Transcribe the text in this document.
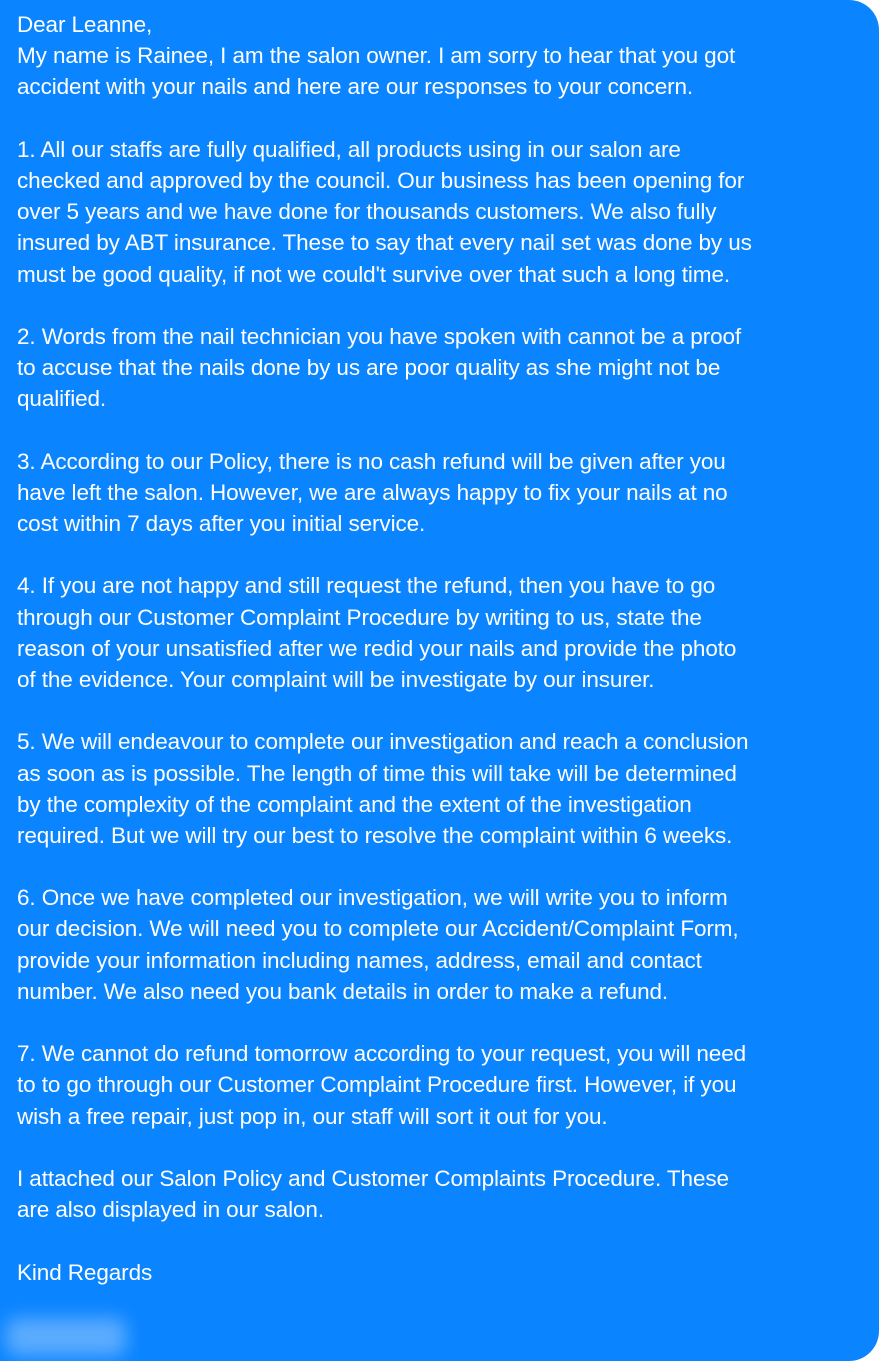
Dear Leanne,
My name is Rainee, I am the salon owner. I am sorry to hear that you got
accident with your nails and here are our responses to your concern.
1. All our staffs are fully qualified, all products using in our salon are
checked and approved by the council. Our business has been opening for
over 5 years and we have done for thousands customers. We also fully
insured by ABT insurance. These to say that every nail set was done by us
must be good quality, if not we could't survive over that such a long time.
2. Words from the nail technician you have spoken with cannot be a proof
to accuse that the nails done by us are poor quality as she might not be
qualified.
3. According to our Policy, there is no cash refund will be given after you
have left the salon. However, we are always happy to fix your nails at no
cost within 7 days after you initial service.
4. If you are not happy and still request the refund, then you have to go
through our Customer Complaint Procedure by writing to us, state the
reason of your unsatisfied after we redid your nails and provide the photo
of the evidence. Your complaint will be investigate by our insurer.
5. We will endeavour to complete our investigation and reach a conclusion
as soon as is possible. The length of time this will take will be determined
by the complexity of the complaint and the extent of the investigation
required. But we will try our best to resolve the complaint within 6 weeks.
6. Once we have completed our investigation, we will write you to inform
our decision. We will need you to complete our Accident/Complaint Form,
provide your information including names, address, email and contact
number. We also need you bank details in order to make a refund.
7. We cannot do refund tomorrow according to your request, you will need
to to go through our Customer Complaint Procedure first. However, if you
wish a free repair, just pop in, our staff will sort it out for you.
I attached our Salon Policy and Customer Complaints Procedure. These
are also displayed in our salon.
Kind Regards
